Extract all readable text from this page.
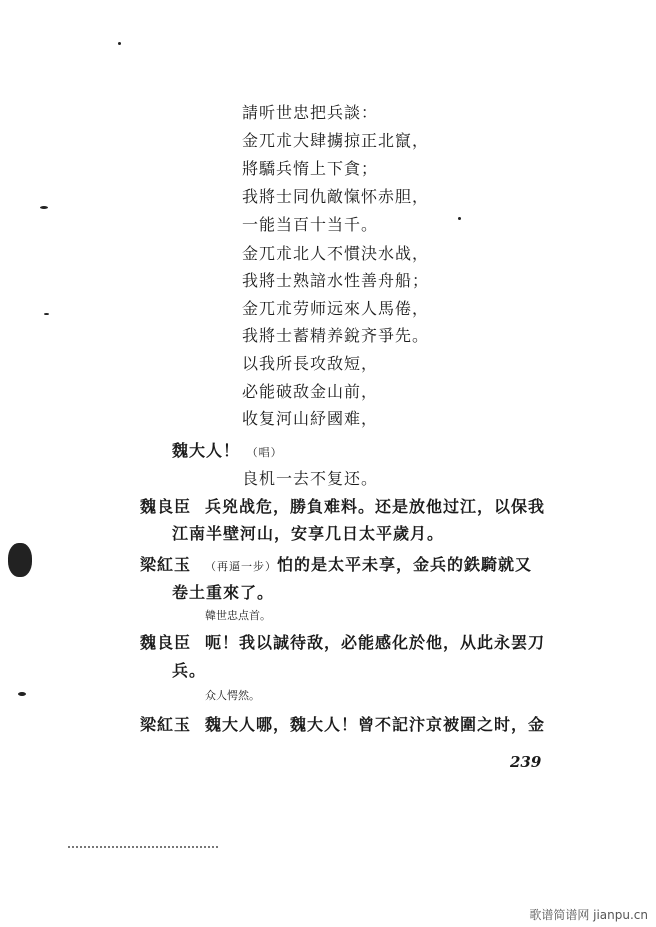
請听世忠把兵談：
金兀朮大肆擄掠正北竄，
將驕兵惰上下貪；
我將士同仇敵愾怀赤胆，
一能当百十当千。
金兀朮北人不慣決水战，
我將士熟諳水性善舟船；
金兀朮劳师远來人馬倦，
我將士蓄精养銳齐爭先。
以我所長攻敌短，
必能破敌金山前，
收复河山紓國难，
魏大人！ （唱）
良机一去不复还。
魏良臣 兵兇战危，勝負难料。还是放他过江，以保我
江南半壁河山，安享几日太平歲月。
梁紅玉 （再逼一步）怕的是太平未享，金兵的鉄騎就又
卷土重來了。
韓世忠点首。
魏良臣 呃！我以誠待敌，必能感化於他，从此永罢刀
兵。
众人愕然。
梁紅玉 魏大人哪，魏大人！曾不記汴京被圍之时，金
239
歌谱简谱网 jianpu.cn
